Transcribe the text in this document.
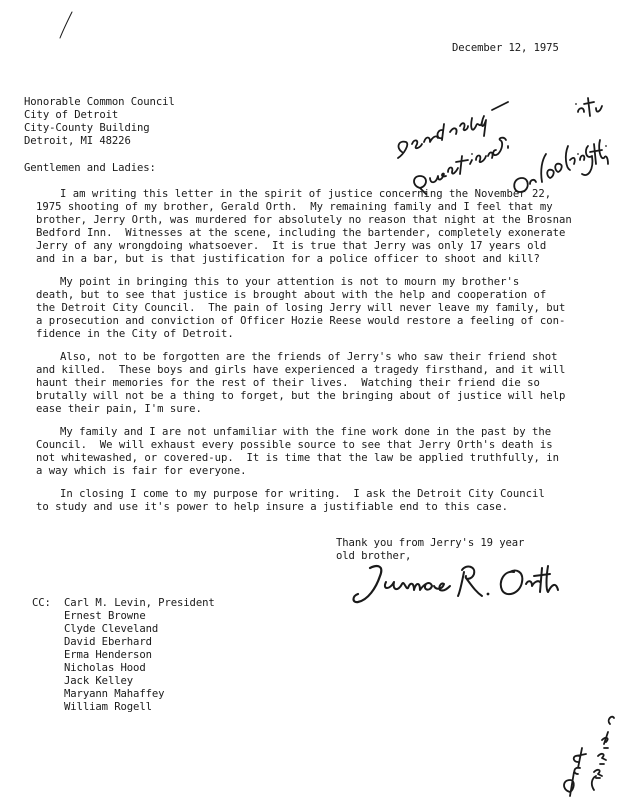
December 12, 1975
Honorable Common Council
City of Detroit
City-County Building
Detroit, MI 48226
Gentlemen and Ladies:
I am writing this letter in the spirit of justice concerning the November 22,
1975 shooting of my brother, Gerald Orth.  My remaining family and I feel that my
brother, Jerry Orth, was murdered for absolutely no reason that night at the Brosnan
Bedford Inn.  Witnesses at the scene, including the bartender, completely exonerate
Jerry of any wrongdoing whatsoever.  It is true that Jerry was only 17 years old
and in a bar, but is that justification for a police officer to shoot and kill?
My point in bringing this to your attention is not to mourn my brother's
death, but to see that justice is brought about with the help and cooperation of
the Detroit City Council.  The pain of losing Jerry will never leave my family, but
a prosecution and conviction of Officer Hozie Reese would restore a feeling of con-
fidence in the City of Detroit.
Also, not to be forgotten are the friends of Jerry's who saw their friend shot
and killed.  These boys and girls have experienced a tragedy firsthand, and it will
haunt their memories for the rest of their lives.  Watching their friend die so
brutally will not be a thing to forget, but the bringing about of justice will help
ease their pain, I'm sure.
My family and I are not unfamiliar with the fine work done in the past by the
Council.  We will exhaust every possible source to see that Jerry Orth's death is
not whitewashed, or covered-up.  It is time that the law be applied truthfully, in
a way which is fair for everyone.
In closing I come to my purpose for writing.  I ask the Detroit City Council
to study and use it's power to help insure a justifiable end to this case.
Thank you from Jerry's 19 year
old brother,
CC: Carl M. Levin, President
Ernest Browne
Clyde Cleveland
David Eberhard
Erma Henderson
Nicholas Hood
Jack Kelley
Maryann Mahaffey
William Rogell
